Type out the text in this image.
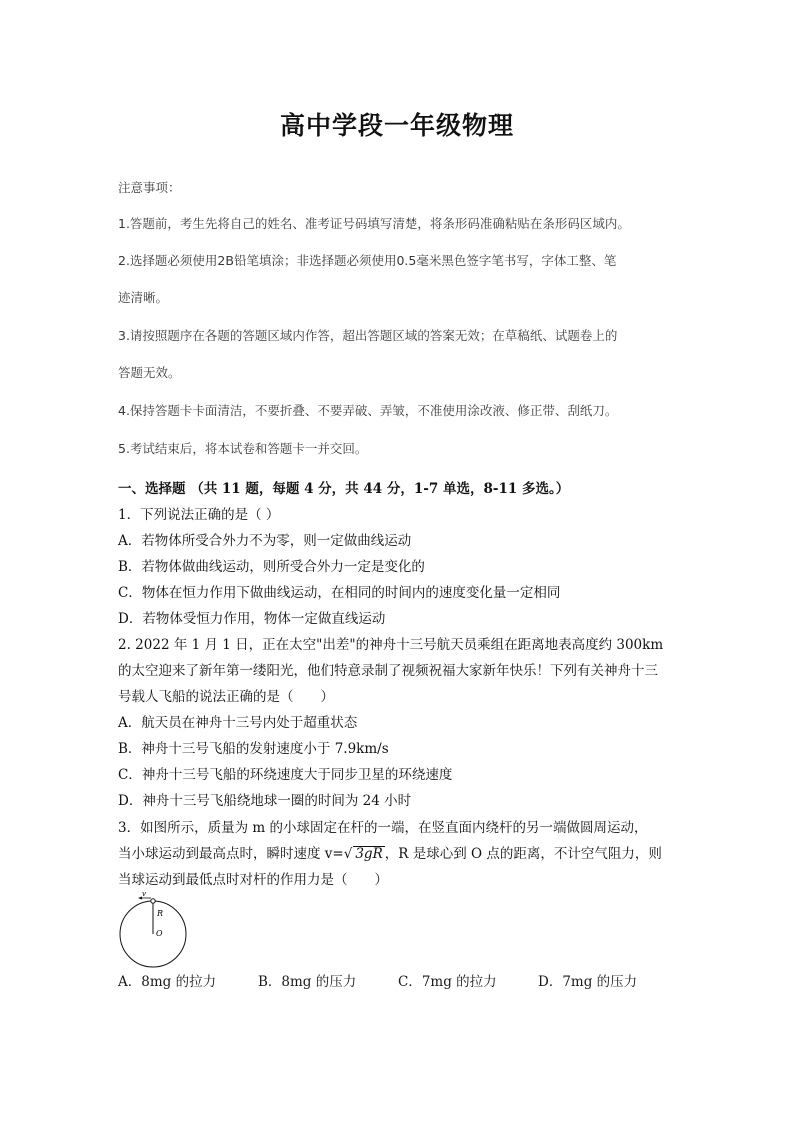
高中学段一年级物理
注意事项：
1.答题前，考生先将自己的姓名、准考证号码填写清楚，将条形码准确粘贴在条形码区域内。
2.选择题必须使用2B铅笔填涂；非选择题必须使用0.5毫米黑色签字笔书写，字体工整、笔
迹清晰。
3.请按照题序在各题的答题区域内作答，超出答题区域的答案无效；在草稿纸、试题卷上的
答题无效。
4.保持答题卡卡面清洁，不要折叠、不要弄破、弄皱，不准使用涂改液、修正带、刮纸刀。
5.考试结束后，将本试卷和答题卡一并交回。
一、选择题 （共 11 题，每题 4 分，共 44 分，1-7 单选，8-11 多选。）
1．下列说法正确的是（ ）
A．若物体所受合外力不为零，则一定做曲线运动
B．若物体做曲线运动，则所受合外力一定是变化的
C．物体在恒力作用下做曲线运动，在相同的时间内的速度变化量一定相同
D．若物体受恒力作用，物体一定做直线运动
2. 2022 年 1 月 1 日，正在太空"出差"的神舟十三号航天员乘组在距离地表高度约 300km
的太空迎来了新年第一缕阳光，他们特意录制了视频祝福大家新年快乐！下列有关神舟十三
号载人飞船的说法正确的是（　　）
A．航天员在神舟十三号内处于超重状态
B．神舟十三号飞船的发射速度小于 7.9km/s
C．神舟十三号飞船的环绕速度大于同步卫星的环绕速度
D．神舟十三号飞船绕地球一圈的时间为 24 小时
3．如图所示，质量为 m 的小球固定在杆的一端，在竖直面内绕杆的另一端做圆周运动，
当小球运动到最高点时，瞬时速度 v=√ 3gR ，R 是球心到 O 点的距离，不计空气阻力，则
当球运动到最低点时对杆的作用力是（　　）
v
R
O
A．8mg 的拉力	B．8mg 的压力	C．7mg 的拉力	D．7mg 的压力
